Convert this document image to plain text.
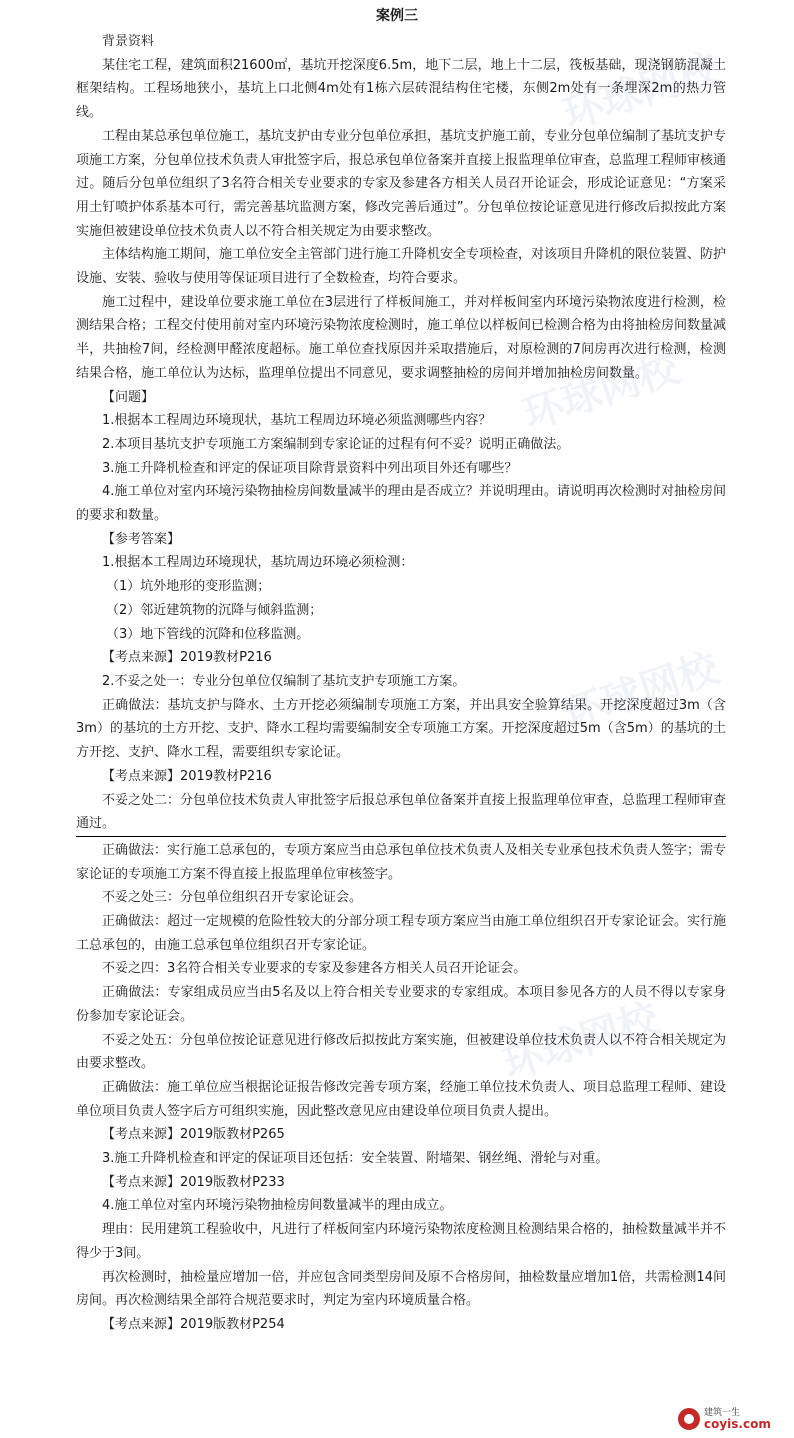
案例三
环球网校
环球网校
环球网校
环球网校

背景资料

某住宅工程，建筑面积21600㎡，基坑开挖深度6.5m，地下二层，地上十二层，筏板基础，现浇钢筋混凝土框架结构。工程场地狭小，基坑上口北侧4m处有1栋六层砖混结构住宅楼，东侧2m处有一条埋深2m的热力管线。

工程由某总承包单位施工，基坑支护由专业分包单位承担，基坑支护施工前，专业分包单位编制了基坑支护专项施工方案，分包单位技术负责人审批签字后，报总承包单位备案并直接上报监理单位审查，总监理工程师审核通过。随后分包单位组织了3名符合相关专业要求的专家及参建各方相关人员召开论证会，形成论证意见：“方案采用土钉喷护体系基本可行，需完善基坑监测方案，修改完善后通过”。分包单位按论证意见进行修改后拟按此方案实施但被建设单位技术负责人以不符合相关规定为由要求整改。

主体结构施工期间，施工单位安全主管部门进行施工升降机安全专项检查，对该项目升降机的限位装置、防护设施、安装、验收与使用等保证项目进行了全数检查，均符合要求。

施工过程中，建设单位要求施工单位在3层进行了样板间施工，并对样板间室内环境污染物浓度进行检测，检测结果合格；工程交付使用前对室内环境污染物浓度检测时，施工单位以样板间已检测合格为由将抽检房间数量减半，共抽检7间，经检测甲醛浓度超标。施工单位查找原因并采取措施后，对原检测的7间房再次进行检测，检测结果合格，施工单位认为达标，监理单位提出不同意见，要求调整抽检的房间并增加抽检房间数量。

【问题】

1.根据本工程周边环境现状，基坑工程周边环境必须监测哪些内容？

2.本项目基坑支护专项施工方案编制到专家论证的过程有何不妥？说明正确做法。

3.施工升降机检查和评定的保证项目除背景资料中列出项目外还有哪些？

4.施工单位对室内环境污染物抽检房间数量减半的理由是否成立？并说明理由。请说明再次检测时对抽检房间的要求和数量。

【参考答案】

1.根据本工程周边环境现状，基坑周边环境必须检测：

（1）坑外地形的变形监测；

（2）邻近建筑物的沉降与倾斜监测；

（3）地下管线的沉降和位移监测。

【考点来源】2019教材P216

2.不妥之处一：专业分包单位仅编制了基坑支护专项施工方案。

正确做法：基坑支护与降水、土方开挖必须编制专项施工方案，并出具安全验算结果。开挖深度超过3m（含3m）的基坑的土方开挖、支护、降水工程均需要编制安全专项施工方案。开挖深度超过5m（含5m）的基坑的土方开挖、支护、降水工程，需要组织专家论证。

【考点来源】2019教材P216

不妥之处二：分包单位技术负责人审批签字后报总承包单位备案并直接上报监理单位审查，总监理工程师审查通过。

正确做法：实行施工总承包的，专项方案应当由总承包单位技术负责人及相关专业承包技术负责人签字；需专家论证的专项施工方案不得直接上报监理单位审核签字。

不妥之处三：分包单位组织召开专家论证会。

正确做法：超过一定规模的危险性较大的分部分项工程专项方案应当由施工单位组织召开专家论证会。实行施工总承包的，由施工总承包单位组织召开专家论证。

不妥之四：3名符合相关专业要求的专家及参建各方相关人员召开论证会。

正确做法：专家组成员应当由5名及以上符合相关专业要求的专家组成。本项目参见各方的人员不得以专家身份参加专家论证会。

不妥之处五：分包单位按论证意见进行修改后拟按此方案实施，但被建设单位技术负责人以不符合相关规定为由要求整改。

正确做法：施工单位应当根据论证报告修改完善专项方案，经施工单位技术负责人、项目总监理工程师、建设单位项目负责人签字后方可组织实施，因此整改意见应由建设单位项目负责人提出。

【考点来源】2019版教材P265

3.施工升降机检查和评定的保证项目还包括：安全装置、附墙架、钢丝绳、滑轮与对重。

【考点来源】2019版教材P233

4.施工单位对室内环境污染物抽检房间数量减半的理由成立。

理由：民用建筑工程验收中，凡进行了样板间室内环境污染物浓度检测且检测结果合格的，抽检数量减半并不得少于3间。

再次检测时，抽检量应增加一倍，并应包含同类型房间及原不合格房间，抽检数量应增加1倍，共需检测14间房间。再次检测结果全部符合规范要求时，判定为室内环境质量合格。

【考点来源】2019版教材P254

建筑一生
coyis.com
